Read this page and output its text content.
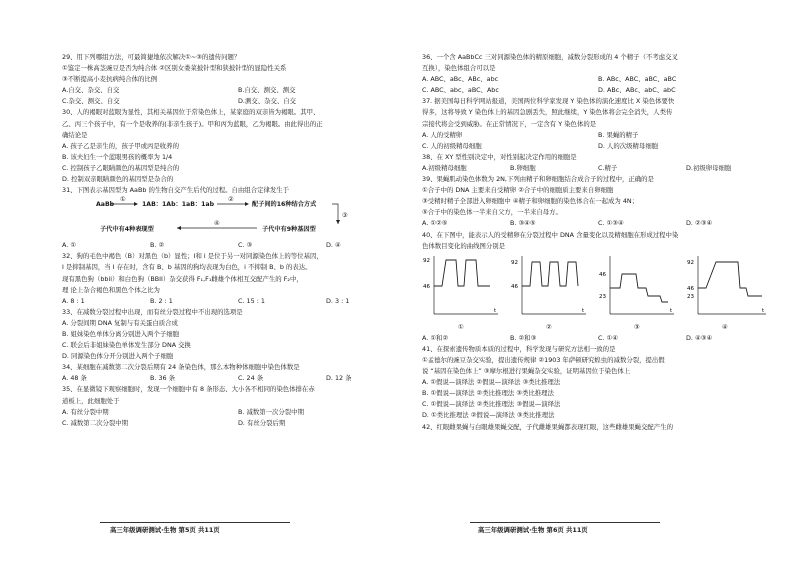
29、用下列哪组方法，可最简捷地依次解决①~③的遗传问题？
①鉴定一株高茎豌豆是否为纯合体 ②区别女娄菜披针型和狭披针型的显隐性关系
③不断提高小麦抗病纯合体的比例
A.自交、杂交、自交	B.自交、测交、测交
C.杂交、测交、自交	D.测交、杂交、自交
30、人的褐眼对蓝眼为显性，其相关基因位于常染色体上，某家庭的双亲皆为褐眼。其甲、
乙、丙三个孩子中，有一个是收养的(非亲生孩子)。甲和丙为蓝眼，乙为褐眼。由此得出的正
确结论是
A. 孩子乙是亲生的，孩子甲或丙是收养的
B. 该夫妇生一个蓝眼男孩的概率为 1/4
C. 控制孩子乙眼睛颜色的基因型是纯合的
D. 控制双亲眼睛颜色的基因型是杂合的
31、下图表示基因型为 AaBb 的生物自交产生后代的过程。自由组合定律发生于
AaBb
①
1AB：1Ab：1aB：1ab
②
配子间的16种结合方式
③
子代中有4种表现型
④
子代中有9种基因型
A. ①	B. ②	C. ③	D. ④
32、狗的毛色中褐色（B）对黑色（b）显性；I和 i 是位于另一对同源染色体上的等位基因，
I 是抑制基因，当 I 存在时，含有 B、b 基因的狗均表现为白色，i 不抑制 B、b 的表达。
现有黑色狗（bbii）和白色狗（BBII）杂交获得 F₁,F₁雌雄个体相互交配产生的 F₂中，
理 论上杂合褐色和黑色个体之比为
A. 8 : 1	B. 2 : 1	C. 15 : 1	D. 3 : 1
33、在减数分裂过程中出现，而有丝分裂过程中不出现的选项是
A. 分裂间期 DNA 复制与有关蛋白质合成
B. 姐妹染色单体分离分别进入两个子细胞
C. 联会后非姐妹染色单体发生部分 DNA 交换
D. 同源染色体分开分别进入两个子细胞
34、某细胞在减数第二次分裂后期有 24 条染色体，那么本物种体细胞中染色体数是
A. 48 条	B. 36 条	C. 24 条	D. 12 条
35、在显微镜下观察细胞时，发现一个细胞中有 8 条形态、大小各不相同的染色体排在赤
道板上，此细胞处于
A. 有丝分裂中期	B. 减数第一次分裂中期
C. 减数第二次分裂中期	D. 有丝分裂后期
36、一个含 AaBbCc 三对同源染色体的精原细胞，减数分裂形成的 4 个精子（不考虑交叉
互换），染色体组合可以是
A. ABC、aBc、ABc、abc	B. ABc、ABC、aBC、aBC
C. ABC、abc、aBC、Abc	D. ABc、ABc、abC、abC
37. 据美国每日科学网站报道，美国两位科学家发现 Y 染色体的演化速度比 X 染色体要快
得多，这将导致 Y 染色体上的基因急剧丢失，照此继续，Y 染色体将会完全消失，人类传
宗接代将会受到威胁。在正常情况下，一定含有 Y 染色体的是
A. 人的受精卵	B. 果蝇的精子
C. 人的初级精母细胞	D. 人的次级精母细胞
38、在 XY 型性别决定中，对性别起决定作用的细胞是
A.初级精母细胞	B.卵细胞	C.精子	D.初级卵母细胞
39、果蝇肌动染色体数为 2N,下列由精子和卵细胞结合成合子的过程中，正确的是
①合子中的 DNA 主要来自受精卵 ②合子中的细胞质主要来自卵细胞
③受精时精子全部进入卵细胞中 ④精子和卵细胞的染色体合在一起成为 4N；
⑤合子中的染色体一半来自父方，一半来自母方。
A. ①②⑤	B. ③④⑤	C. ①③④	D. ②③④
40、在下图中，能表示人的受精卵在分裂过程中 DNA 含量变化以及精细胞在形成过程中染
色体数目变化的曲线图分别是
92
46
t
92
46
t
46
23
t
92
46
23
t
①	②	③	④
A. ①和②	B. ②和③	C. ①④	D. ④③④
41、在探索遗传物质本质的过程中，科学发现与研究方法相一致的是
①孟德尔的豌豆杂交实验，提出遗传规律 ②1903 年萨顿研究蝗虫的减数分裂，提出假
说 “基因在染色体上” ③摩尔根进行果蝇杂交实验，证明基因位于染色体上
A. ①假说—演绎法 ②假说—演绎法 ③类比推理法
B. ①假说—演绎法 ②类比推理法 ③类比推理法
C. ①假说—演绎法 ②类比推理法 ③假说—演绎法
D. ①类比推理法 ②假说—演绎法 ③类比推理法
42、红眼雌果蝇与白眼雄果蝇交配，子代雌雄果蝇都表现红眼，这些雌雄果蝇交配产生的
高三年级调研测试·生物 第5页 共11页	高三年级调研测试·生物 第6页 共11页
